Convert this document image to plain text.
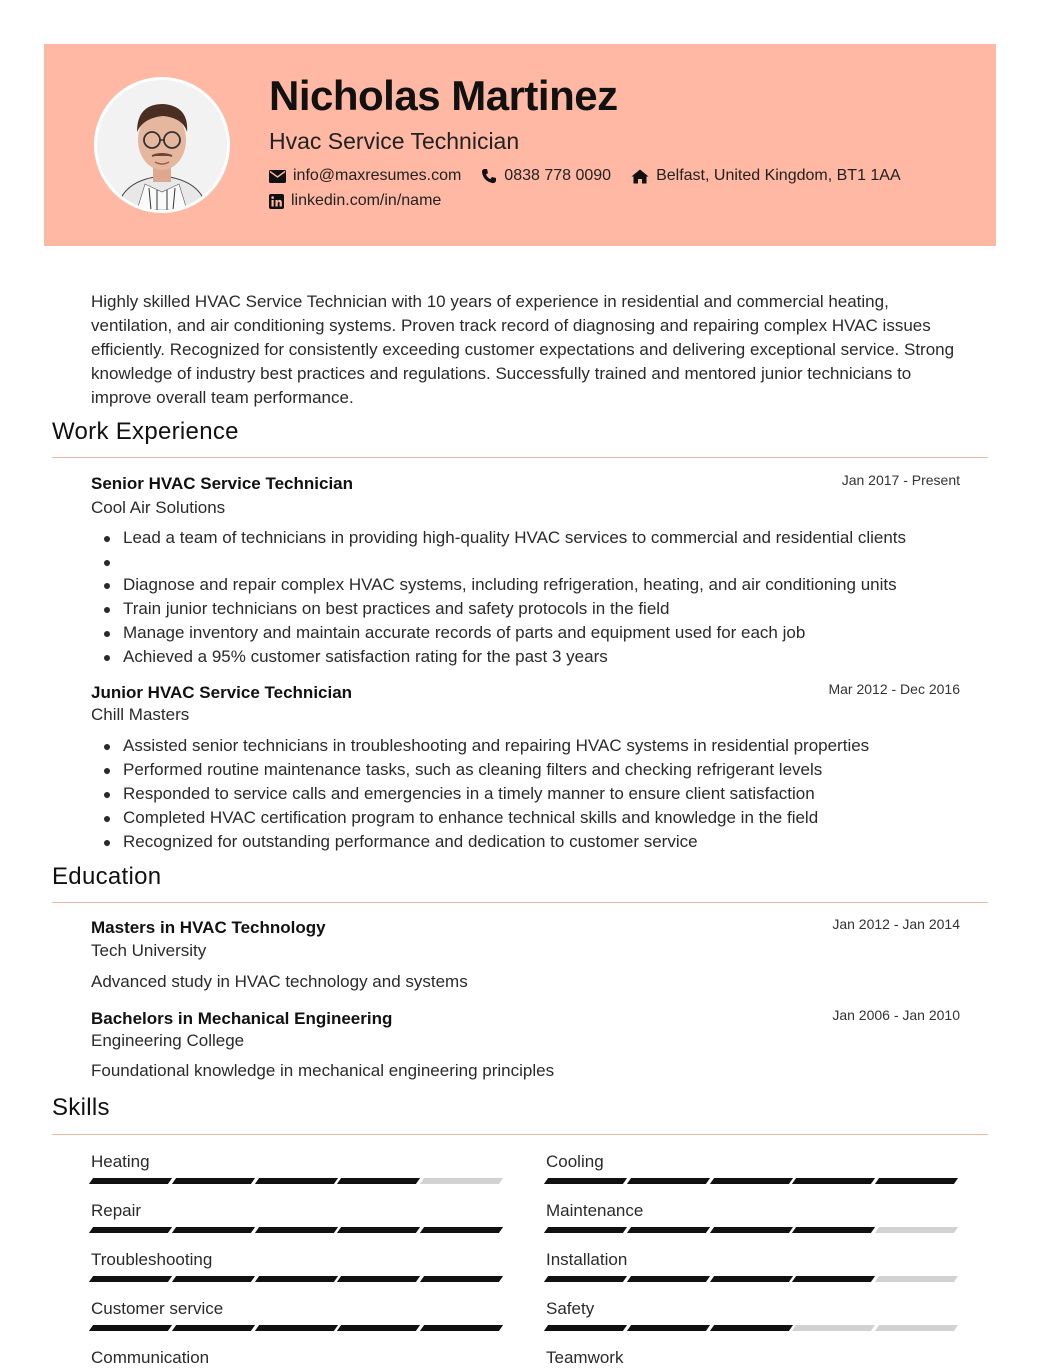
Nicholas Martinez
Hvac Service Technician
info@maxresumes.com	0838 778 0090	Belfast, United Kingdom, BT1 1AA
linkedin.com/in/name
Highly skilled HVAC Service Technician with 10 years of experience in residential and commercial heating, ventilation, and air conditioning systems. Proven track record of diagnosing and repairing complex HVAC issues efficiently. Recognized for consistently exceeding customer expectations and delivering exceptional service. Strong knowledge of industry best practices and regulations. Successfully trained and mentored junior technicians to improve overall team performance.
Work Experience
Senior HVAC Service Technician	Jan 2017 - Present
Cool Air Solutions
Lead a team of technicians in providing high-quality HVAC services to commercial and residential clients
Diagnose and repair complex HVAC systems, including refrigeration, heating, and air conditioning units
Train junior technicians on best practices and safety protocols in the field
Manage inventory and maintain accurate records of parts and equipment used for each job
Achieved a 95% customer satisfaction rating for the past 3 years
Junior HVAC Service Technician	Mar 2012 - Dec 2016
Chill Masters
Assisted senior technicians in troubleshooting and repairing HVAC systems in residential properties
Performed routine maintenance tasks, such as cleaning filters and checking refrigerant levels
Responded to service calls and emergencies in a timely manner to ensure client satisfaction
Completed HVAC certification program to enhance technical skills and knowledge in the field
Recognized for outstanding performance and dedication to customer service
Education
Masters in HVAC Technology	Jan 2012 - Jan 2014
Tech University
Advanced study in HVAC technology and systems
Bachelors in Mechanical Engineering	Jan 2006 - Jan 2010
Engineering College
Foundational knowledge in mechanical engineering principles
Skills
Heating	Cooling
Repair	Maintenance
Troubleshooting	Installation
Customer service	Safety
Communication	Teamwork
